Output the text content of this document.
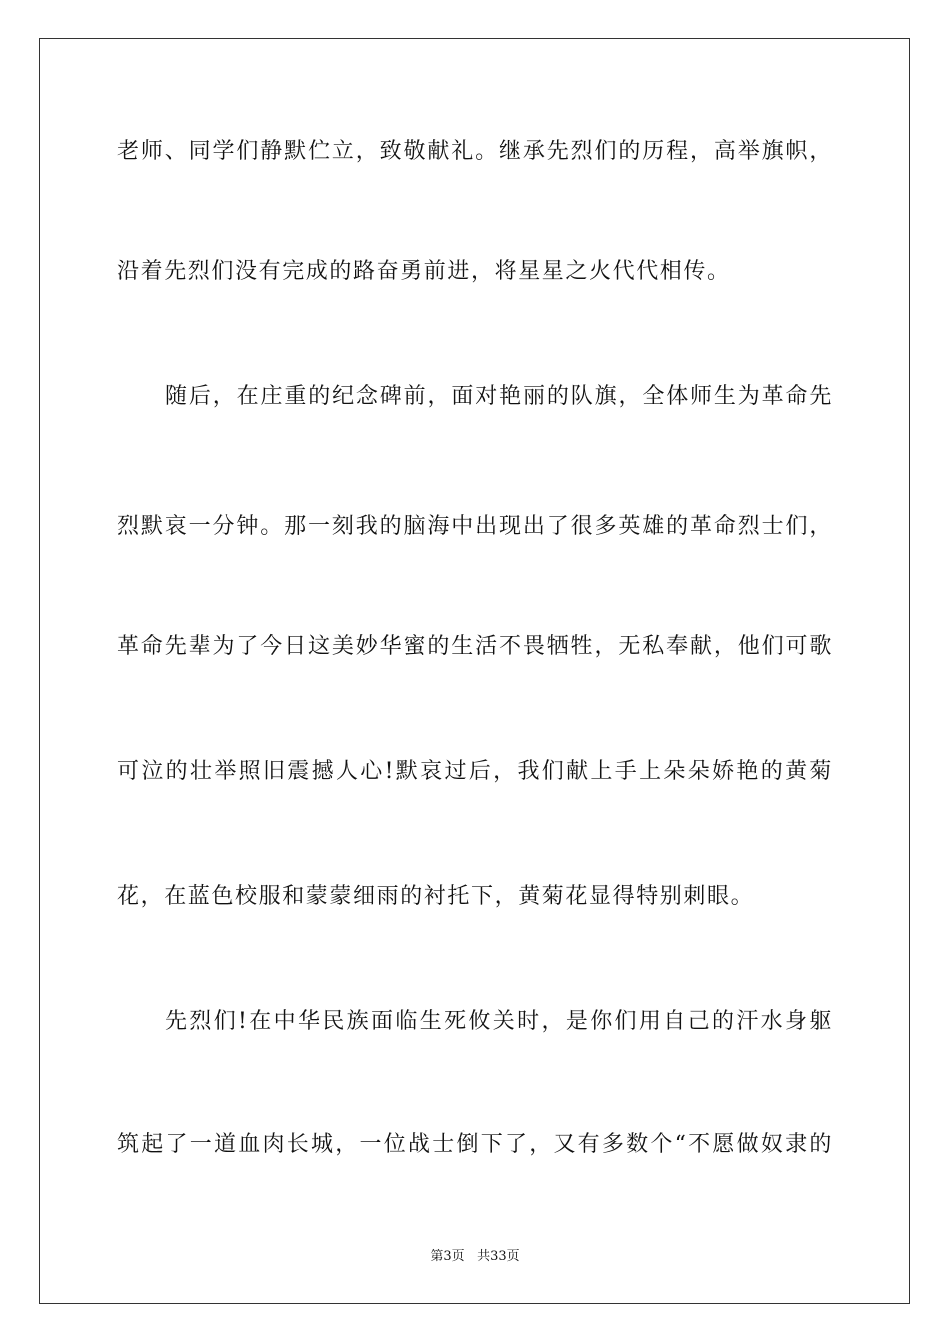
老师、同学们静默伫立，致敬献礼。继承先烈们的历程，高举旗帜，
沿着先烈们没有完成的路奋勇前进，将星星之火代代相传。
随后，在庄重的纪念碑前，面对艳丽的队旗，全体师生为革命先
烈默哀一分钟。那一刻我的脑海中出现出了很多英雄的革命烈士们，
革命先辈为了今日这美妙华蜜的生活不畏牺牲，无私奉献，他们可歌
可泣的壮举照旧震撼人心!默哀过后，我们献上手上朵朵娇艳的黄菊
花，在蓝色校服和蒙蒙细雨的衬托下，黄菊花显得特别刺眼。
先烈们!在中华民族面临生死攸关时，是你们用自己的汗水身躯
筑起了一道血肉长城，一位战士倒下了，又有多数个“不愿做奴隶的
第3页 共33页
